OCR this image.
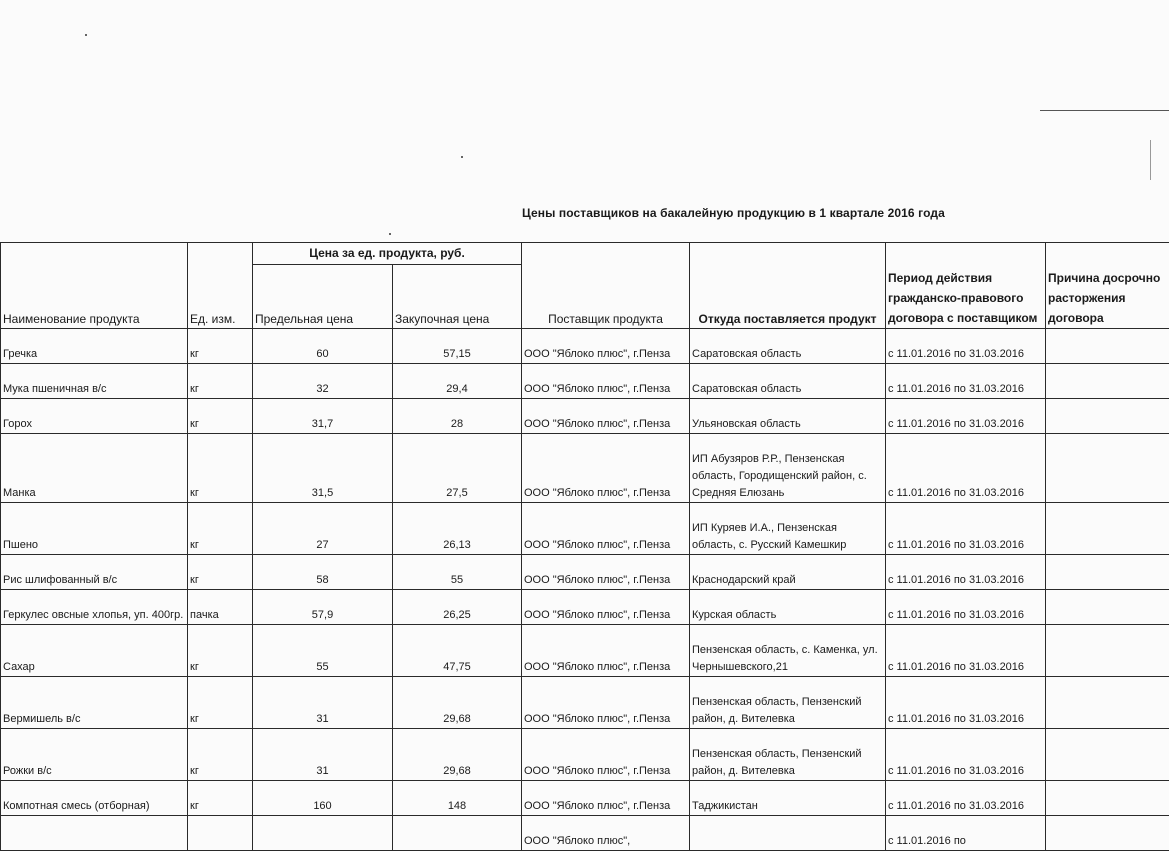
Цены поставщиков на бакалейную продукцию в 1 квартале 2016 года
Наименование продукта	Ед. изм.	Цена за ед. продукта, руб.		Поставщик продукта	Откуда поставляется продукт	Период действия гражданско-правового договора с поставщиком	Причина досрочно расторжения договора
		Предельная цена	Закупочная цена				
Гречка	кг	60	57,15	ООО "Яблоко плюс", г.Пенза	Саратовская область	с 11.01.2016 по 31.03.2016	
Мука пшеничная в/с	кг	32	29,4	ООО "Яблоко плюс", г.Пенза	Саратовская область	с 11.01.2016 по 31.03.2016	
Горох	кг	31,7	28	ООО "Яблоко плюс", г.Пенза	Ульяновская область	с 11.01.2016 по 31.03.2016	
Манка	кг	31,5	27,5	ООО "Яблоко плюс", г.Пенза	ИП Абузяров Р.Р., Пензенская область, Городищенский район, с. Средняя Елюзань	с 11.01.2016 по 31.03.2016	
Пшено	кг	27	26,13	ООО "Яблоко плюс", г.Пенза	ИП Куряев И.А., Пензенская область, с. Русский Камешкир	с 11.01.2016 по 31.03.2016	
Рис шлифованный в/с	кг	58	55	ООО "Яблоко плюс", г.Пенза	Краснодарский край	с 11.01.2016 по 31.03.2016	
Геркулес овсные хлопья, уп. 400гр.	пачка	57,9	26,25	ООО "Яблоко плюс", г.Пенза	Курская область	с 11.01.2016 по 31.03.2016	
Сахар	кг	55	47,75	ООО "Яблоко плюс", г.Пенза	Пензенская область, с. Каменка, ул. Чернышевского,21	с 11.01.2016 по 31.03.2016	
Вермишель в/с	кг	31	29,68	ООО "Яблоко плюс", г.Пенза	Пензенская область, Пензенский район, д. Вителевка	с 11.01.2016 по 31.03.2016	
Рожки в/с	кг	31	29,68	ООО "Яблоко плюс", г.Пенза	Пензенская область, Пензенский район, д. Вителевка	с 11.01.2016 по 31.03.2016	
Компотная смесь (отборная)	кг	160	148	ООО "Яблоко плюс", г.Пенза	Таджикистан	с 11.01.2016 по 31.03.2016	
				ООО "Яблоко плюс",		с 11.01.2016 по	
